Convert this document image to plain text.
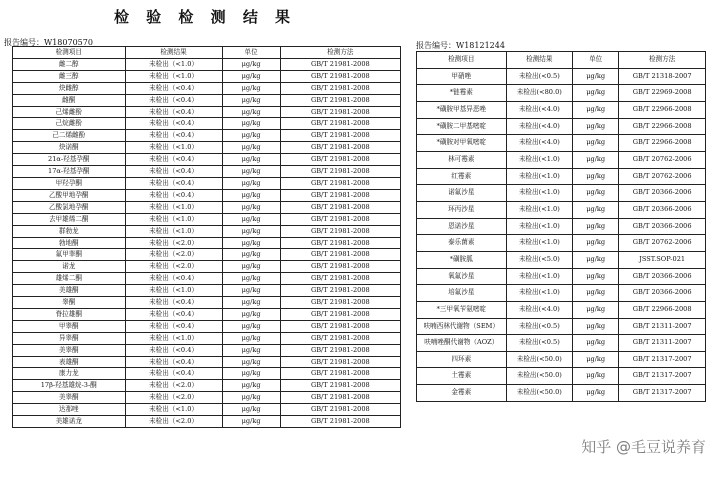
检 验 检 测 结 果
报告编号：W18070570	报告编号：W18121244
检测项目	检测结果	单位	检测方法
雌二醇	未检出（<1.0）	μg/kg	GB/T 21981-2008
雌三醇	未检出（<1.0）	μg/kg	GB/T 21981-2008
炔雌醇	未检出（<0.4）	μg/kg	GB/T 21981-2008
雌酮	未检出（<0.4）	μg/kg	GB/T 21981-2008
己烯雌酚	未检出（<0.4）	μg/kg	GB/T 21981-2008
己烷雌酚	未检出（<0.4）	μg/kg	GB/T 21981-2008
己二烯雌酚	未检出（<0.4）	μg/kg	GB/T 21981-2008
炔诺酮	未检出（<1.0）	μg/kg	GB/T 21981-2008
21α-羟基孕酮	未检出（<0.4）	μg/kg	GB/T 21981-2008
17α-羟基孕酮	未检出（<0.4）	μg/kg	GB/T 21981-2008
甲羟孕酮	未检出（<0.4）	μg/kg	GB/T 21981-2008
乙酸甲地孕酮	未检出（<0.4）	μg/kg	GB/T 21981-2008
乙酸氯地孕酮	未检出（<1.0）	μg/kg	GB/T 21981-2008
去甲雄烯二酮	未检出（<1.0）	μg/kg	GB/T 21981-2008
群勃龙	未检出（<1.0）	μg/kg	GB/T 21981-2008
勃地酮	未检出（<2.0）	μg/kg	GB/T 21981-2008
氟甲睾酮	未检出（<2.0）	μg/kg	GB/T 21981-2008
诺龙	未检出（<2.0）	μg/kg	GB/T 21981-2008
雄烯二酮	未检出（<0.4）	μg/kg	GB/T 21981-2008
美雄酮	未检出（<1.0）	μg/kg	GB/T 21981-2008
睾酮	未检出（<0.4）	μg/kg	GB/T 21981-2008
脊拉雄酮	未检出（<0.4）	μg/kg	GB/T 21981-2008
甲睾酮	未检出（<0.4）	μg/kg	GB/T 21981-2008
异睾酮	未检出（<1.0）	μg/kg	GB/T 21981-2008
美睾酮	未检出（<0.4）	μg/kg	GB/T 21981-2008
表雄酮	未检出（<0.4）	μg/kg	GB/T 21981-2008
康力龙	未检出（<0.4）	μg/kg	GB/T 21981-2008
17β-羟基雄烷-3-酮	未检出（<2.0）	μg/kg	GB/T 21981-2008
美睾酮	未检出（<2.0）	μg/kg	GB/T 21981-2008
达那唑	未检出（<1.0）	μg/kg	GB/T 21981-2008
美雄诺龙	未检出（<2.0）	μg/kg	GB/T 21981-2008
检测项目	检测结果	单位	检测方法
甲硝唑	未检出(<0.5)	μg/kg	GB/T 21318-2007
*链霉素	未检出(<80.0)	μg/kg	GB/T 22969-2008
*磺胺甲基异恶唑	未检出(<4.0)	μg/kg	GB/T 22966-2008
*磺胺二甲基嘧啶	未检出(<4.0)	μg/kg	GB/T 22966-2008
*磺胺对甲氧嘧啶	未检出(<4.0)	μg/kg	GB/T 22966-2008
林可霉素	未检出(<1.0)	μg/kg	GB/T 20762-2006
红霉素	未检出(<1.0)	μg/kg	GB/T 20762-2006
诺氟沙星	未检出(<1.0)	μg/kg	GB/T 20366-2006
环丙沙星	未检出(<1.0)	μg/kg	GB/T 20366-2006
恩诺沙星	未检出(<1.0)	μg/kg	GB/T 20366-2006
泰乐菌素	未检出(<1.0)	μg/kg	GB/T 20762-2006
*磺胺胍	未检出(<5.0)	μg/kg	JSST.SOP-021
氧氟沙星	未检出(<1.0)	μg/kg	GB/T 20366-2006
培氟沙星	未检出(<1.0)	μg/kg	GB/T 20366-2006
*三甲氧苄氨嘧啶	未检出(<4.0)	μg/kg	GB/T 22966-2008
呋喃西林代谢物（SEM）	未检出(<0.5)	μg/kg	GB/T 21311-2007
呋喃唑酮代谢物（AOZ）	未检出(<0.5)	μg/kg	GB/T 21311-2007
四环素	未检出(<50.0)	μg/kg	GB/T 21317-2007
土霉素	未检出(<50.0)	μg/kg	GB/T 21317-2007
金霉素	未检出(<50.0)	μg/kg	GB/T 21317-2007
知乎 @毛豆说养育
